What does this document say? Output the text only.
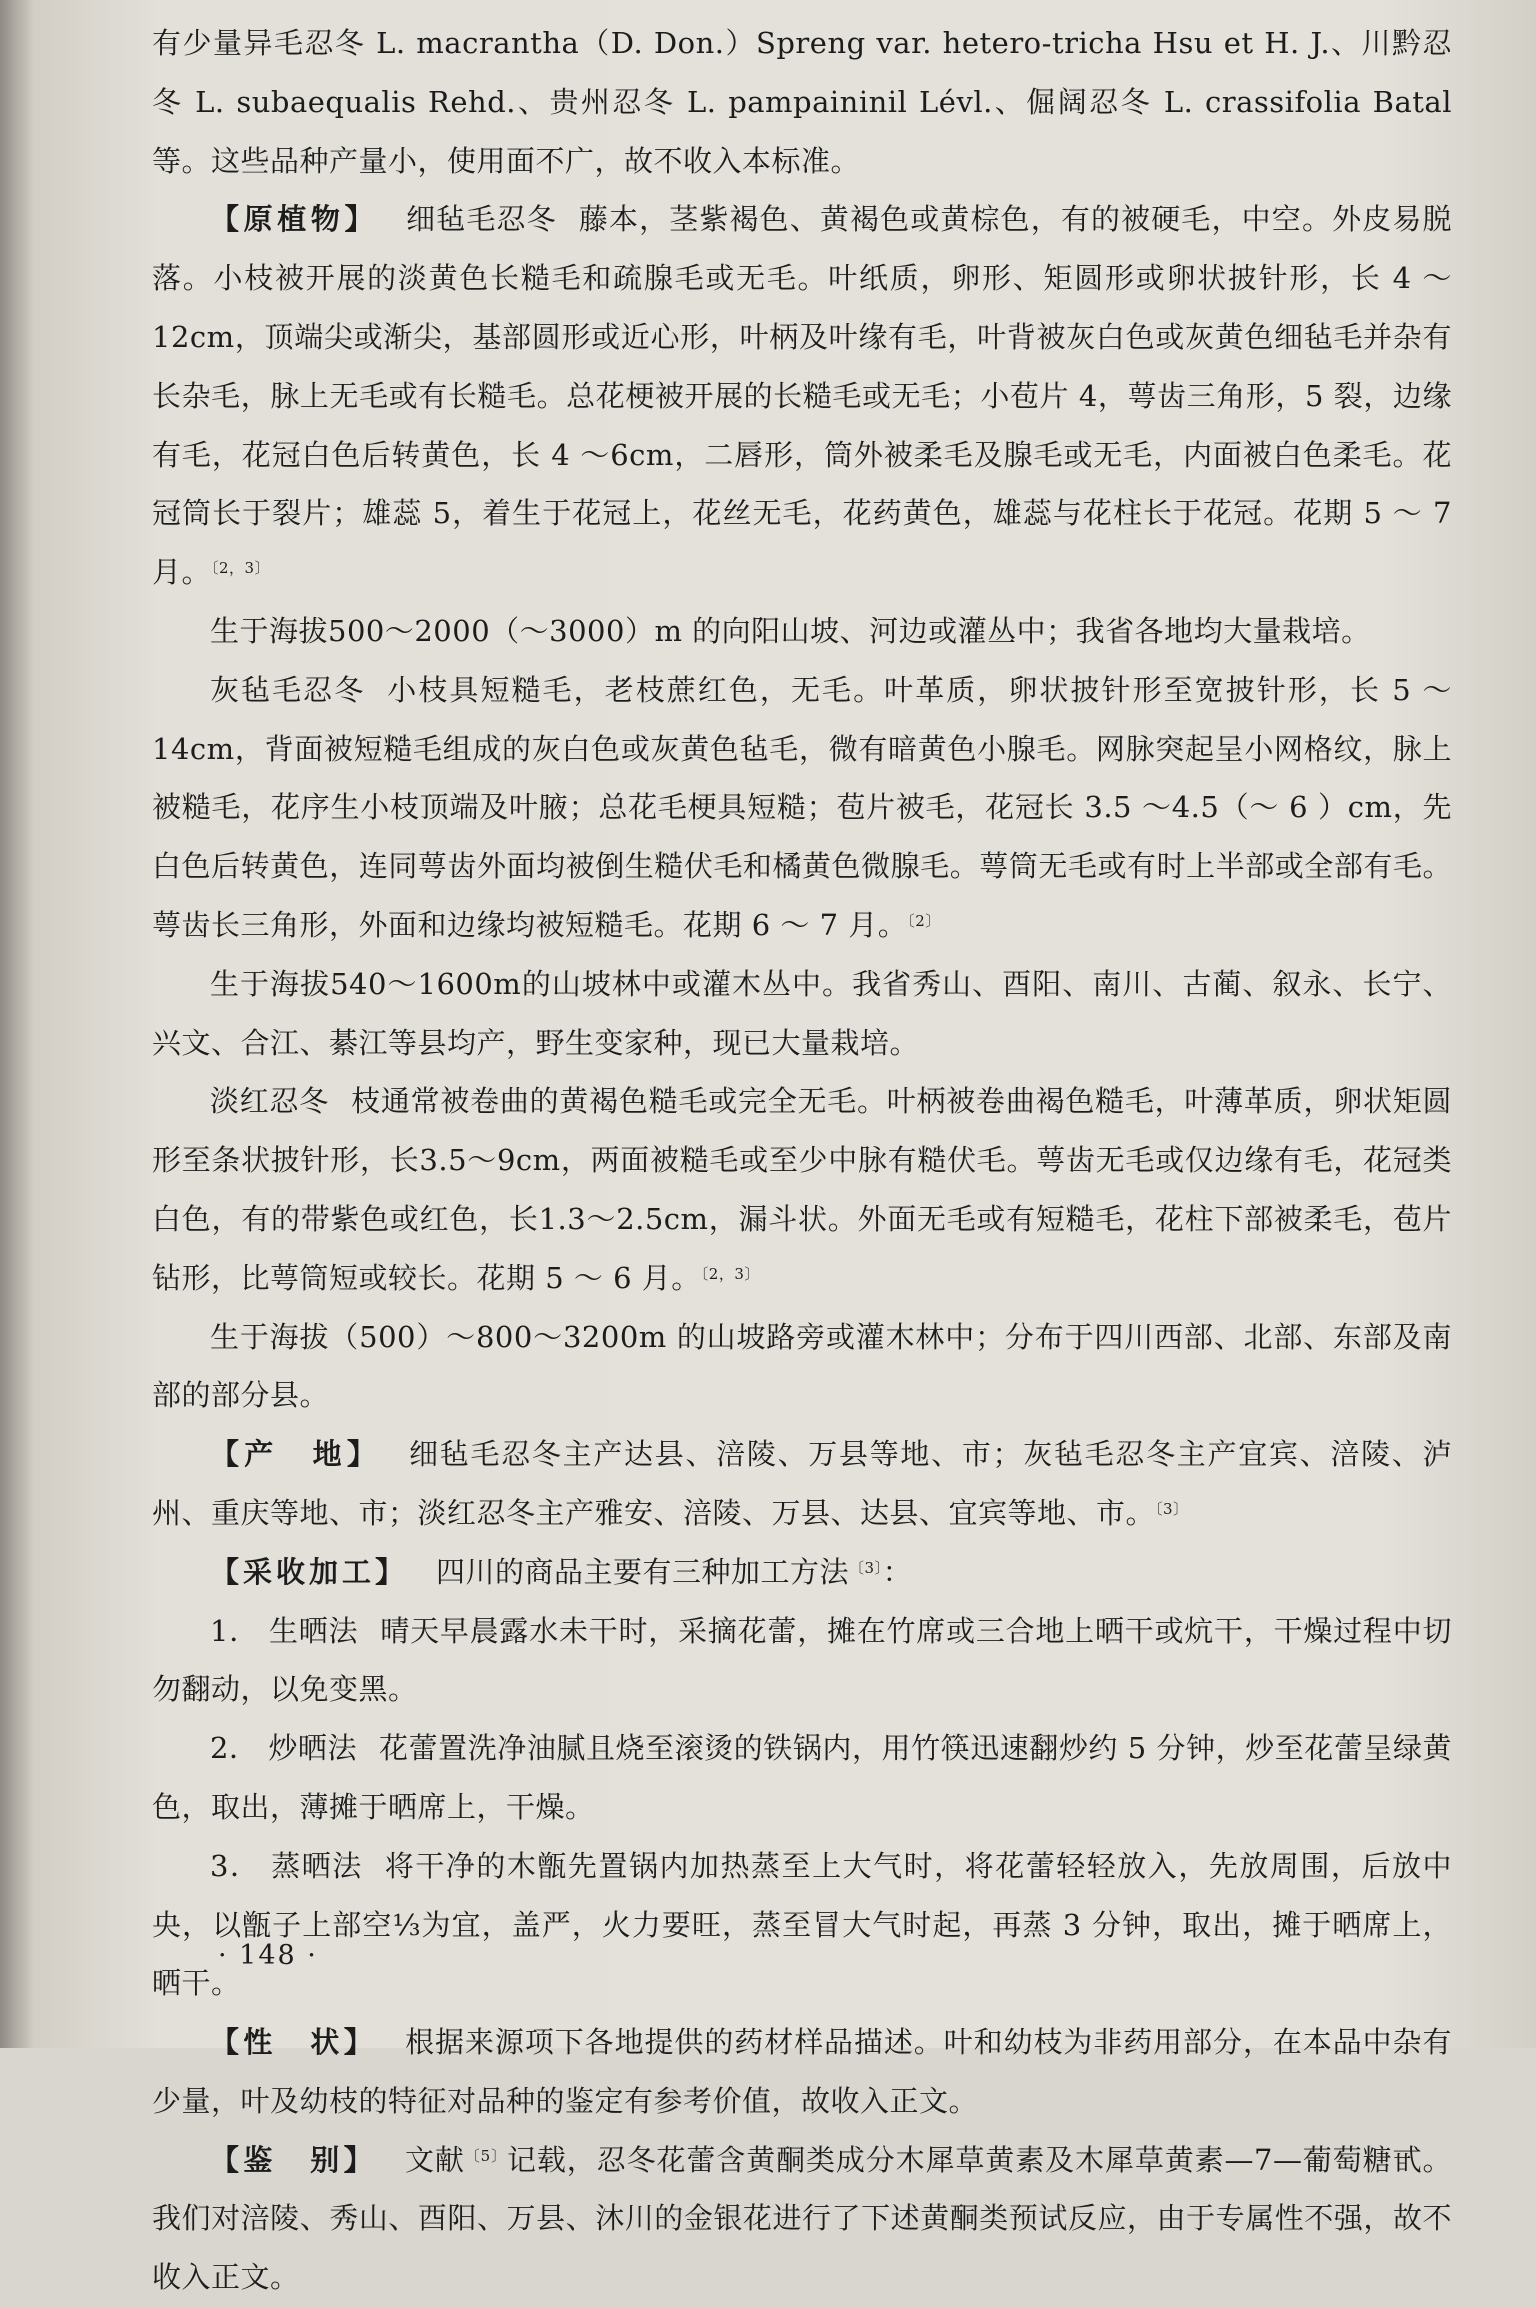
有少量异毛忍冬 L. macrantha（D. Don.）Spreng var. hetero-tricha Hsu et H. J.、川黔忍冬 L. subaequalis Rehd.、贵州忍冬 L. pampaininil Lévl.、倔阔忍冬 L. crassifolia Batal 等。这些品种产量小，使用面不广，故不收入本标准。

【原植物】 细毡毛忍冬 藤本，茎紫褐色、黄褐色或黄棕色，有的被硬毛，中空。外皮易脱落。小枝被开展的淡黄色长糙毛和疏腺毛或无毛。叶纸质，卵形、矩圆形或卵状披针形，长 4 ～12cm，顶端尖或渐尖，基部圆形或近心形，叶柄及叶缘有毛，叶背被灰白色或灰黄色细毡毛并杂有长杂毛，脉上无毛或有长糙毛。总花梗被开展的长糙毛或无毛；小苞片 4，萼齿三角形，5 裂，边缘有毛，花冠白色后转黄色，长 4 ～6cm，二唇形，筒外被柔毛及腺毛或无毛，内面被白色柔毛。花冠筒长于裂片；雄蕊 5，着生于花冠上，花丝无毛，花药黄色，雄蕊与花柱长于花冠。花期 5 ～ 7 月。$^{〔2,3〕}$

生于海拔500～2000（～3000）m 的向阳山坡、河边或灌丛中；我省各地均大量栽培。

灰毡毛忍冬 小枝具短糙毛，老枝蔗红色，无毛。叶革质，卵状披针形至宽披针形，长 5 ～14cm，背面被短糙毛组成的灰白色或灰黄色毡毛，微有暗黄色小腺毛。网脉突起呈小网格纹，脉上被糙毛，花序生小枝顶端及叶腋；总花毛梗具短糙；苞片被毛，花冠长 3.5 ～4.5（～ 6 ）cm，先白色后转黄色，连同萼齿外面均被倒生糙伏毛和橘黄色微腺毛。萼筒无毛或有时上半部或全部有毛。萼齿长三角形，外面和边缘均被短糙毛。花期 6 ～ 7 月。$^{〔2〕}$

生于海拔540～1600m的山坡林中或灌木丛中。我省秀山、酉阳、南川、古蔺、叙永、长宁、兴文、合江、綦江等县均产，野生变家种，现已大量栽培。

淡红忍冬 枝通常被卷曲的黄褐色糙毛或完全无毛。叶柄被卷曲褐色糙毛，叶薄革质，卵状矩圆形至条状披针形，长3.5～9cm，两面被糙毛或至少中脉有糙伏毛。萼齿无毛或仅边缘有毛，花冠类白色，有的带紫色或红色，长1.3～2.5cm，漏斗状。外面无毛或有短糙毛，花柱下部被柔毛，苞片钻形，比萼筒短或较长。花期 5 ～ 6 月。$^{〔2,3〕}$

生于海拔（500）～800～3200m 的山坡路旁或灌木林中；分布于四川西部、北部、东部及南部的部分县。

【产　地】 细毡毛忍冬主产达县、涪陵、万县等地、市；灰毡毛忍冬主产宜宾、涪陵、泸州、重庆等地、市；淡红忍冬主产雅安、涪陵、万县、达县、宜宾等地、市。$^{〔3〕}$

【采收加工】 四川的商品主要有三种加工方法$^{〔3〕}$：

1． 生晒法 晴天早晨露水未干时，采摘花蕾，摊在竹席或三合地上晒干或炕干，干燥过程中切勿翻动，以免变黑。

2． 炒晒法 花蕾置洗净油腻且烧至滚烫的铁锅内，用竹筷迅速翻炒约 5 分钟，炒至花蕾呈绿黄色，取出，薄摊于晒席上，干燥。

3． 蒸晒法 将干净的木甑先置锅内加热蒸至上大气时，将花蕾轻轻放入，先放周围，后放中央，以甑子上部空⅓为宜，盖严，火力要旺，蒸至冒大气时起，再蒸 3 分钟，取出，摊于晒席上，晒干。

【性　状】 根据来源项下各地提供的药材样品描述。叶和幼枝为非药用部分，在本品中杂有少量，叶及幼枝的特征对品种的鉴定有参考价值，故收入正文。

【鉴　别】 文献$^{〔5〕}$记载，忍冬花蕾含黄酮类成分木犀草黄素及木犀草黄素—7—葡萄糖甙。我们对涪陵、秀山、酉阳、万县、沐川的金银花进行了下述黄酮类预试反应，由于专属性不强，故不收入正文。

· 148 ·
